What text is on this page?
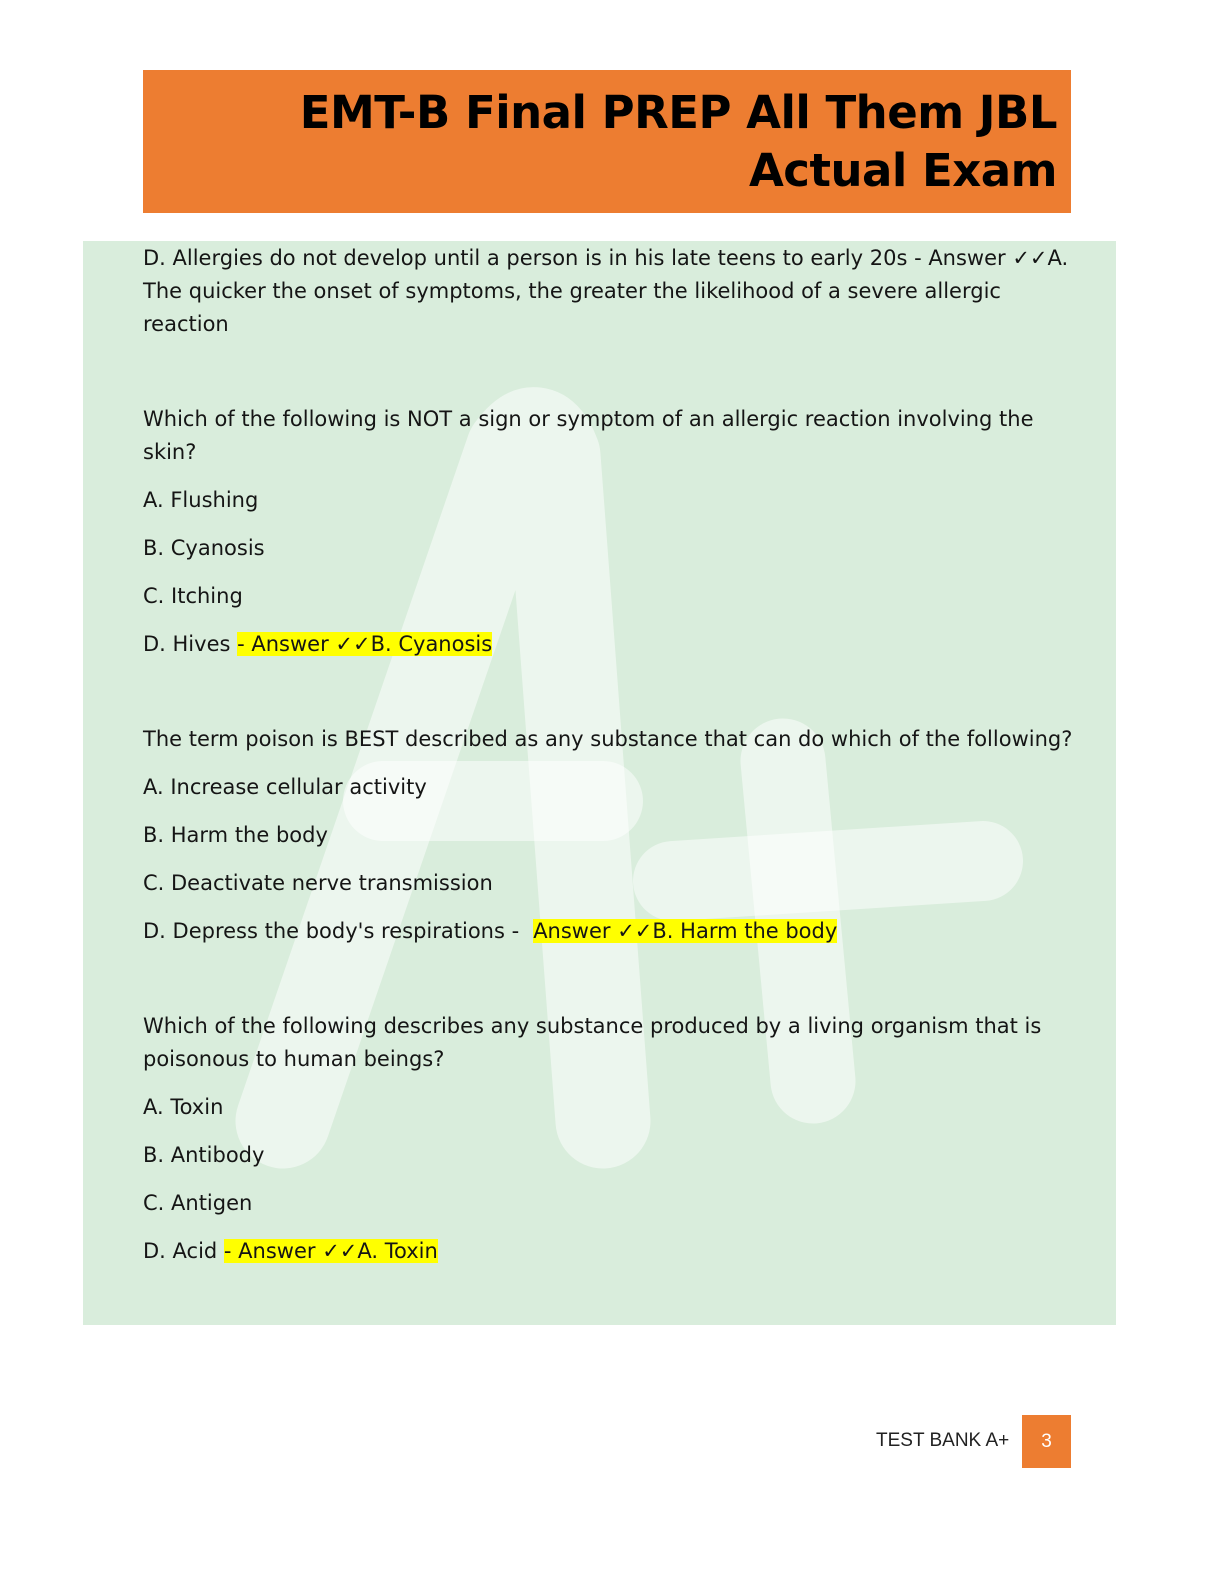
EMT-B Final PREP All Them JBL
Actual Exam

D. Allergies do not develop until a person is in his late teens to early 20s - Answer ✓✓A. The quicker the onset of symptoms, the greater the likelihood of a severe allergic reaction

Which of the following is NOT a sign or symptom of an allergic reaction involving the skin?

A. Flushing

B. Cyanosis

C. Itching

D. Hives - Answer ✓✓B. Cyanosis

The term poison is BEST described as any substance that can do which of the following?

A. Increase cellular activity

B. Harm the body

C. Deactivate nerve transmission

D. Depress the body's respirations - Answer ✓✓B. Harm the body

Which of the following describes any substance produced by a living organism that is poisonous to human beings?

A. Toxin

B. Antibody

C. Antigen

D. Acid - Answer ✓✓A. Toxin

TEST BANK A+ 3
